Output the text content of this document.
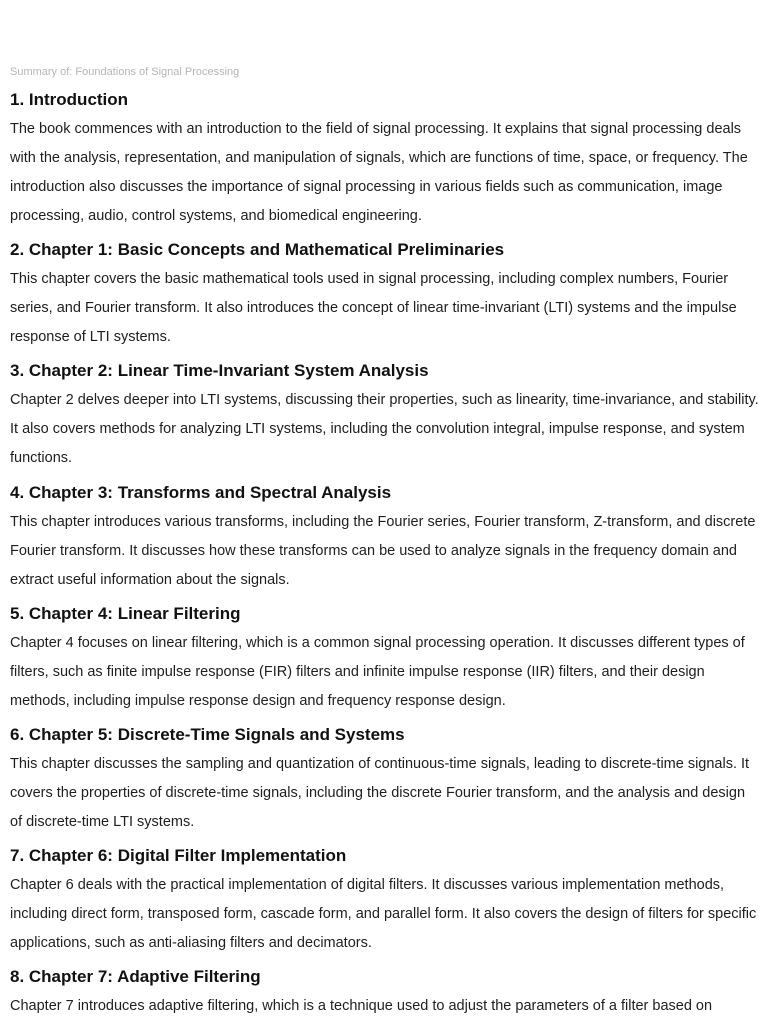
Summary of: Foundations of Signal Processing
1. Introduction

The book commences with an introduction to the field of signal processing. It explains that signal processing deals with the analysis, representation, and manipulation of signals, which are functions of time, space, or frequency. The introduction also discusses the importance of signal processing in various fields such as communication, image processing, audio, control systems, and biomedical engineering.

2. Chapter 1: Basic Concepts and Mathematical Preliminaries

This chapter covers the basic mathematical tools used in signal processing, including complex numbers, Fourier series, and Fourier transform. It also introduces the concept of linear time-invariant (LTI) systems and the impulse response of LTI systems.

3. Chapter 2: Linear Time-Invariant System Analysis

Chapter 2 delves deeper into LTI systems, discussing their properties, such as linearity, time-invariance, and stability. It also covers methods for analyzing LTI systems, including the convolution integral, impulse response, and system functions.

4. Chapter 3: Transforms and Spectral Analysis

This chapter introduces various transforms, including the Fourier series, Fourier transform, Z-transform, and discrete Fourier transform. It discusses how these transforms can be used to analyze signals in the frequency domain and extract useful information about the signals.

5. Chapter 4: Linear Filtering

Chapter 4 focuses on linear filtering, which is a common signal processing operation. It discusses different types of filters, such as finite impulse response (FIR) filters and infinite impulse response (IIR) filters, and their design methods, including impulse response design and frequency response design.

6. Chapter 5: Discrete-Time Signals and Systems

This chapter discusses the sampling and quantization of continuous-time signals, leading to discrete-time signals. It covers the properties of discrete-time signals, including the discrete Fourier transform, and the analysis and design of discrete-time LTI systems.

7. Chapter 6: Digital Filter Implementation

Chapter 6 deals with the practical implementation of digital filters. It discusses various implementation methods, including direct form, transposed form, cascade form, and parallel form. It also covers the design of filters for specific applications, such as anti-aliasing filters and decimators.

8. Chapter 7: Adaptive Filtering

Chapter 7 introduces adaptive filtering, which is a technique used to adjust the parameters of a filter based on
